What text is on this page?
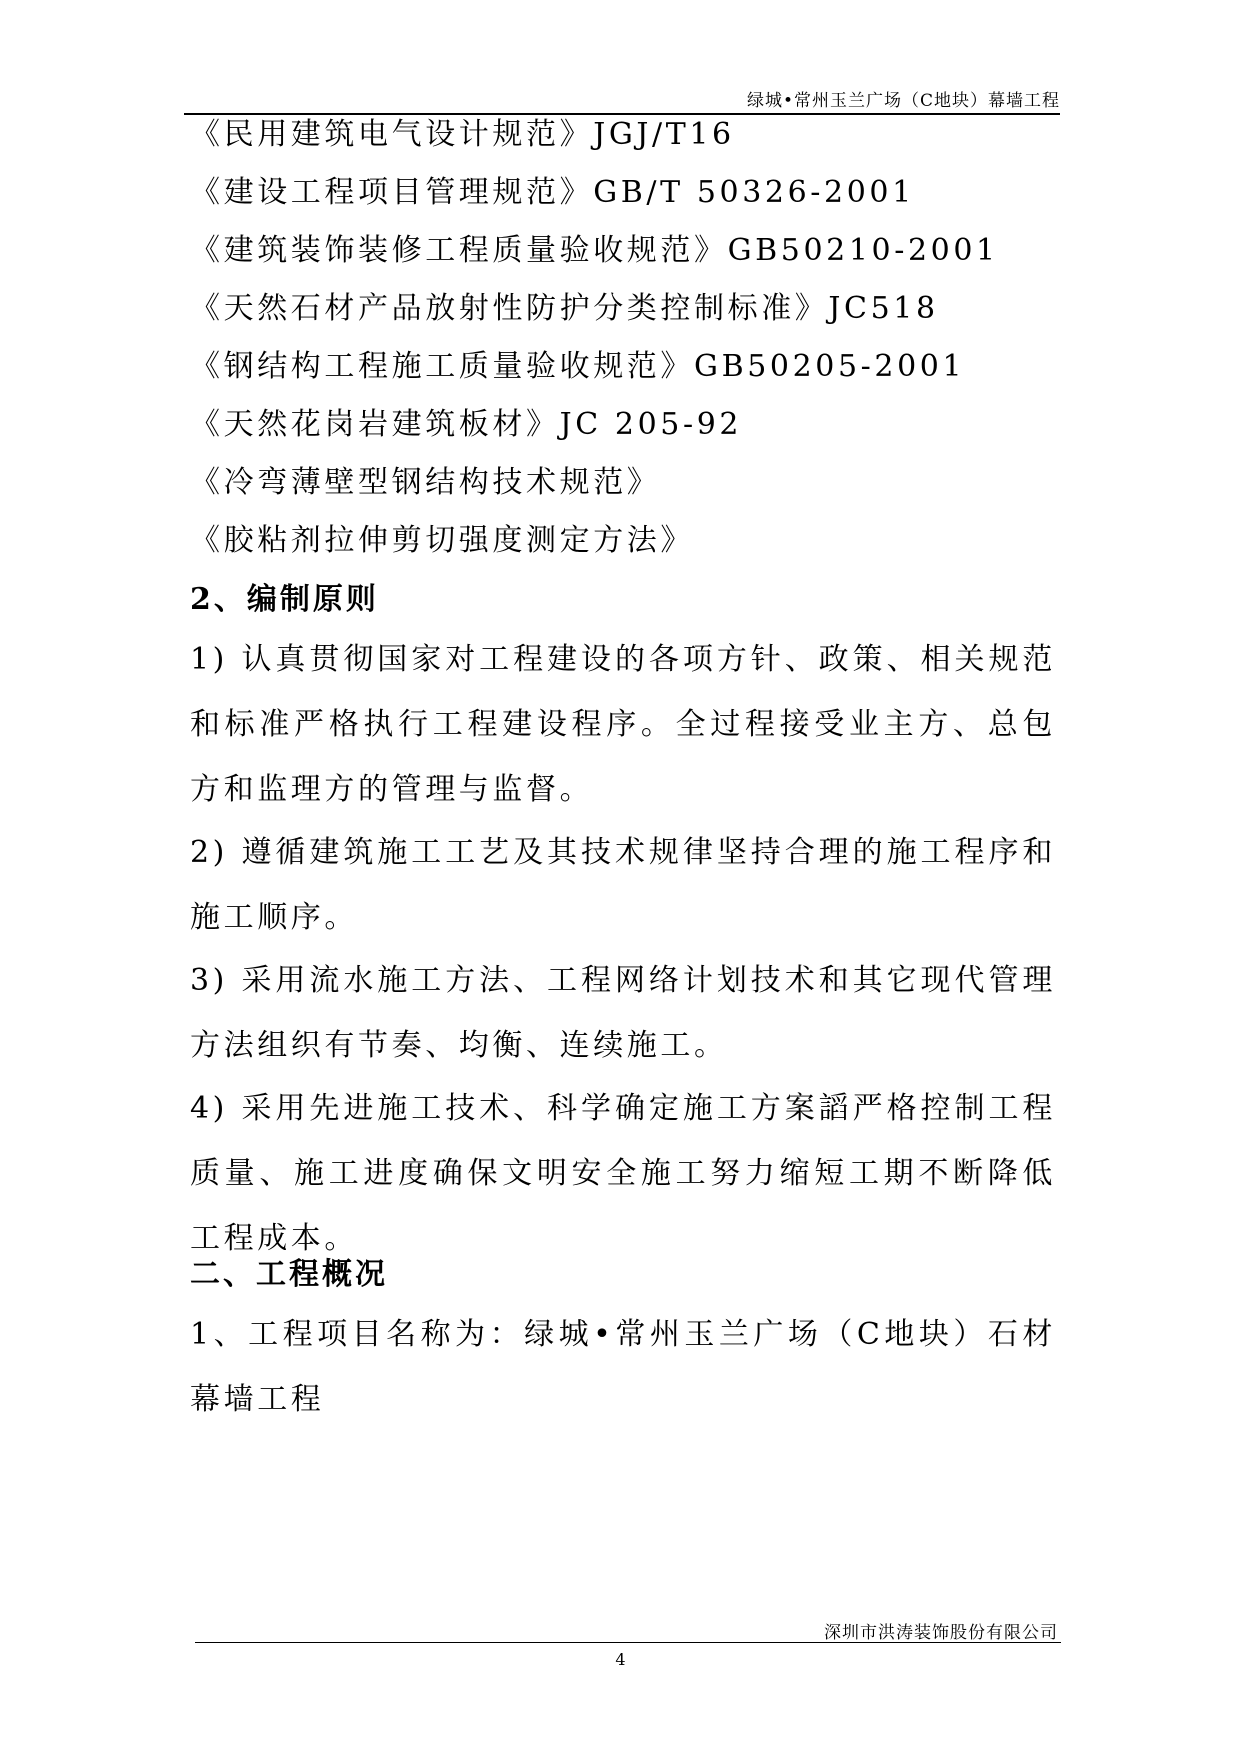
绿城•常州玉兰广场（C地块）幕墙工程
《民用建筑电气设计规范》JGJ/T16
《建设工程项目管理规范》GB/T 50326-2001
《建筑装饰装修工程质量验收规范》GB50210-2001
《天然石材产品放射性防护分类控制标准》JC518
《钢结构工程施工质量验收规范》GB50205-2001
《天然花岗岩建筑板材》JC 205-92
《冷弯薄壁型钢结构技术规范》
《胶粘剂拉伸剪切强度测定方法》
2、编制原则
1) 认真贯彻国家对工程建设的各项方针、政策、相关规范和标准严格执行工程建设程序。全过程接受业主方、总包方和监理方的管理与监督。
2) 遵循建筑施工工艺及其技术规律坚持合理的施工程序和施工顺序。
3) 采用流水施工方法、工程网络计划技术和其它现代管理方法组织有节奏、均衡、连续施工。
4) 采用先进施工技术、科学确定施工方案謟严格控制工程质量、施工进度确保文明安全施工努力缩短工期不断降低工程成本。
二、工程概况
1、工程项目名称为：绿城•常州玉兰广场（C地块）石材幕墙工程
深圳市洪涛装饰股份有限公司
4
